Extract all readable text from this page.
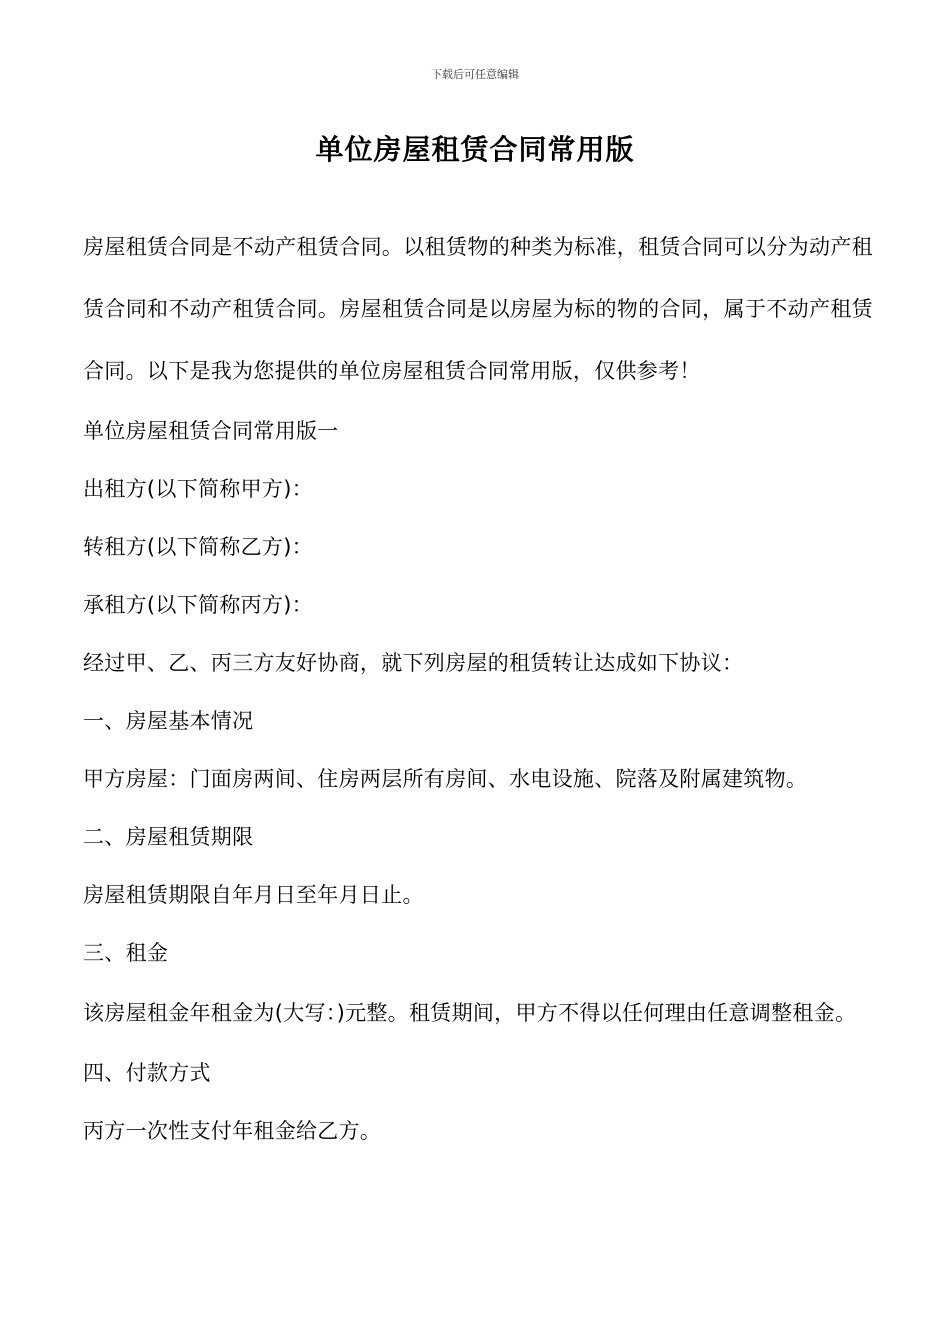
下载后可任意编辑
单位房屋租赁合同常用版

房屋租赁合同是不动产租赁合同。以租赁物的种类为标准，租赁合同可以分为动产租赁合同和不动产租赁合同。房屋租赁合同是以房屋为标的物的合同，属于不动产租赁合同。以下是我为您提供的单位房屋租赁合同常用版，仅供参考！

单位房屋租赁合同常用版一

出租方(以下简称甲方)：

转租方(以下简称乙方)：

承租方(以下简称丙方)：

经过甲、乙、丙三方友好协商，就下列房屋的租赁转让达成如下协议：

一、房屋基本情况

甲方房屋：门面房两间、住房两层所有房间、水电设施、院落及附属建筑物。

二、房屋租赁期限

房屋租赁期限自年月日至年月日止。

三、租金

该房屋租金年租金为(大写：)元整。租赁期间，甲方不得以任何理由任意调整租金。

四、付款方式

丙方一次性支付年租金给乙方。
